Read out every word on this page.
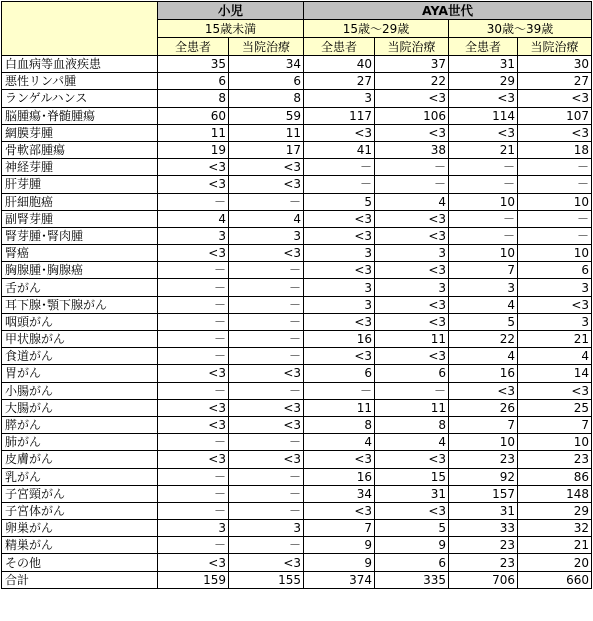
	小児		AYA世代			
	15歳未満		15歳～29歳		30歳～39歳	
	全患者	当院治療	全患者	当院治療	全患者	当院治療
白血病等血液疾患	35	34	40	37	31	30
悪性リンパ腫	6	6	27	22	29	27
ランゲルハンス	8	8	3	<3	<3	<3
脳腫瘍･脊髄腫瘍	60	59	117	106	114	107
網膜芽腫	11	11	<3	<3	<3	<3
骨軟部腫瘍	19	17	41	38	21	18
神経芽腫	<3	<3	－	－	－	－
肝芽腫	<3	<3	－	－	－	－
肝細胞癌	－	－	5	4	10	10
副腎芽腫	4	4	<3	<3	－	－
腎芽腫･腎肉腫	3	3	<3	<3	－	－
腎癌	<3	<3	3	3	10	10
胸腺腫･胸腺癌	－	－	<3	<3	7	6
舌がん	－	－	3	3	3	3
耳下腺･顎下腺がん	－	－	3	<3	4	<3
咽頭がん	－	－	<3	<3	5	3
甲状腺がん	－	－	16	11	22	21
食道がん	－	－	<3	<3	4	4
胃がん	<3	<3	6	6	16	14
小腸がん	－	－	－	－	<3	<3
大腸がん	<3	<3	11	11	26	25
膵がん	<3	<3	8	8	7	7
肺がん	－	－	4	4	10	10
皮膚がん	<3	<3	<3	<3	23	23
乳がん	－	－	16	15	92	86
子宮頸がん	－	－	34	31	157	148
子宮体がん	－	－	<3	<3	31	29
卵巣がん	3	3	7	5	33	32
精巣がん	－	－	9	9	23	21
その他	<3	<3	9	6	23	20
合計	159	155	374	335	706	660
